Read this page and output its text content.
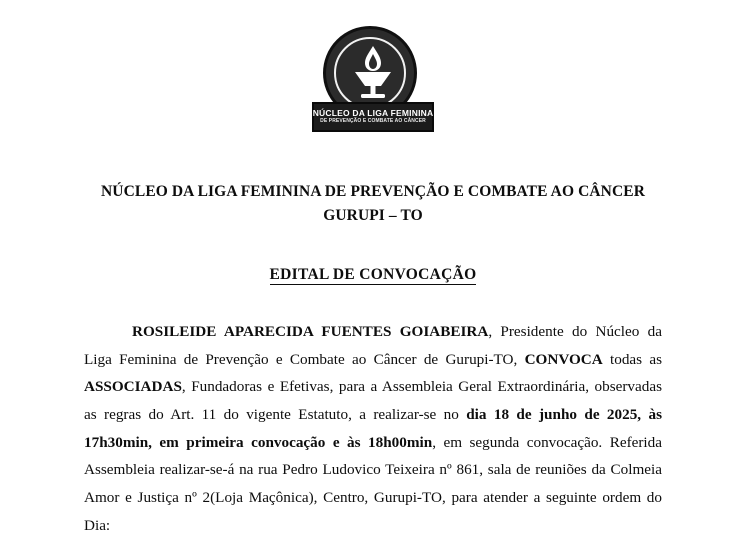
NÚCLEO DA LIGA FEMININA
DE PREVENÇÃO E COMBATE AO CÂNCER
NÚCLEO DA LIGA FEMININA DE PREVENÇÃO E COMBATE AO CÂNCER
GURUPI – TO
EDITAL DE CONVOCAÇÃO
ROSILEIDE APARECIDA FUENTES GOIABEIRA, Presidente do Núcleo da Liga Feminina de Prevenção e Combate ao Câncer de Gurupi-TO, CONVOCA todas as ASSOCIADAS, Fundadoras e Efetivas, para a Assembleia Geral Extraordinária, observadas as regras do Art. 11 do vigente Estatuto, a realizar-se no dia 18 de junho de 2025, às 17h30min, em primeira convocação e às 18h00min, em segunda convocação. Referida Assembleia realizar-se-á na rua Pedro Ludovico Teixeira nº 861, sala de reuniões da Colmeia Amor e Justiça nº 2(Loja Maçônica), Centro, Gurupi-TO, para atender a seguinte ordem do Dia:
